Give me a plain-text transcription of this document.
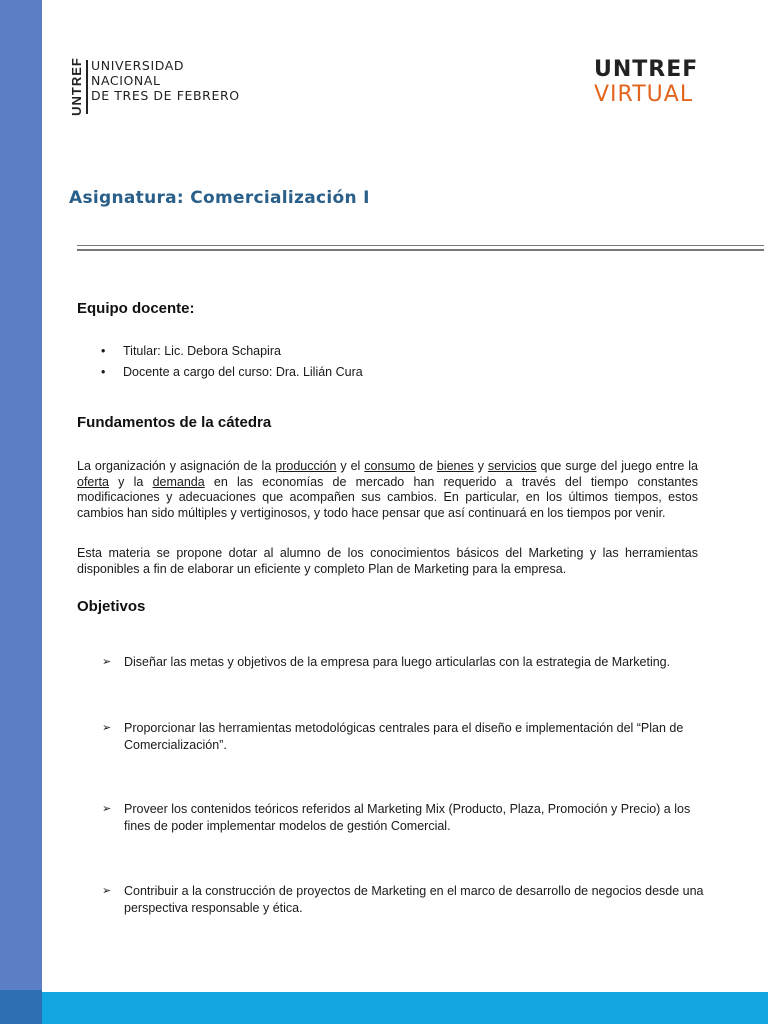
UNTREF UNIVERSIDAD
NACIONAL
DE TRES DE FEBRERO
UNTREF
VIRTUAL
Asignatura: Comercialización I
Equipo docente:
• Titular: Lic. Debora Schapira
• Docente a cargo del curso: Dra. Lilián Cura
Fundamentos de la cátedra
La organización y asignación de la producción y el consumo de bienes y servicios que surge del juego entre la oferta y la demanda en las economías de mercado han requerido a través del tiempo constantes modificaciones y adecuaciones que acompañen sus cambios. En particular, en los últimos tiempos, estos cambios han sido múltiples y vertiginosos, y todo hace pensar que así continuará en los tiempos por venir.
Esta materia se propone dotar al alumno de los conocimientos básicos del Marketing y las herramientas disponibles a fin de elaborar un eficiente y completo Plan de Marketing para la empresa.
Objetivos
➢ Diseñar las metas y objetivos de la empresa para luego articularlas con la estrategia de Marketing.
➢ Proporcionar las herramientas metodológicas centrales para el diseño e implementación del “Plan de Comercialización”.
➢ Proveer los contenidos teóricos referidos al Marketing Mix (Producto, Plaza, Promoción y Precio) a los fines de poder implementar modelos de gestión Comercial.
➢ Contribuir a la construcción de proyectos de Marketing en el marco de desarrollo de negocios desde una perspectiva responsable y ética.
